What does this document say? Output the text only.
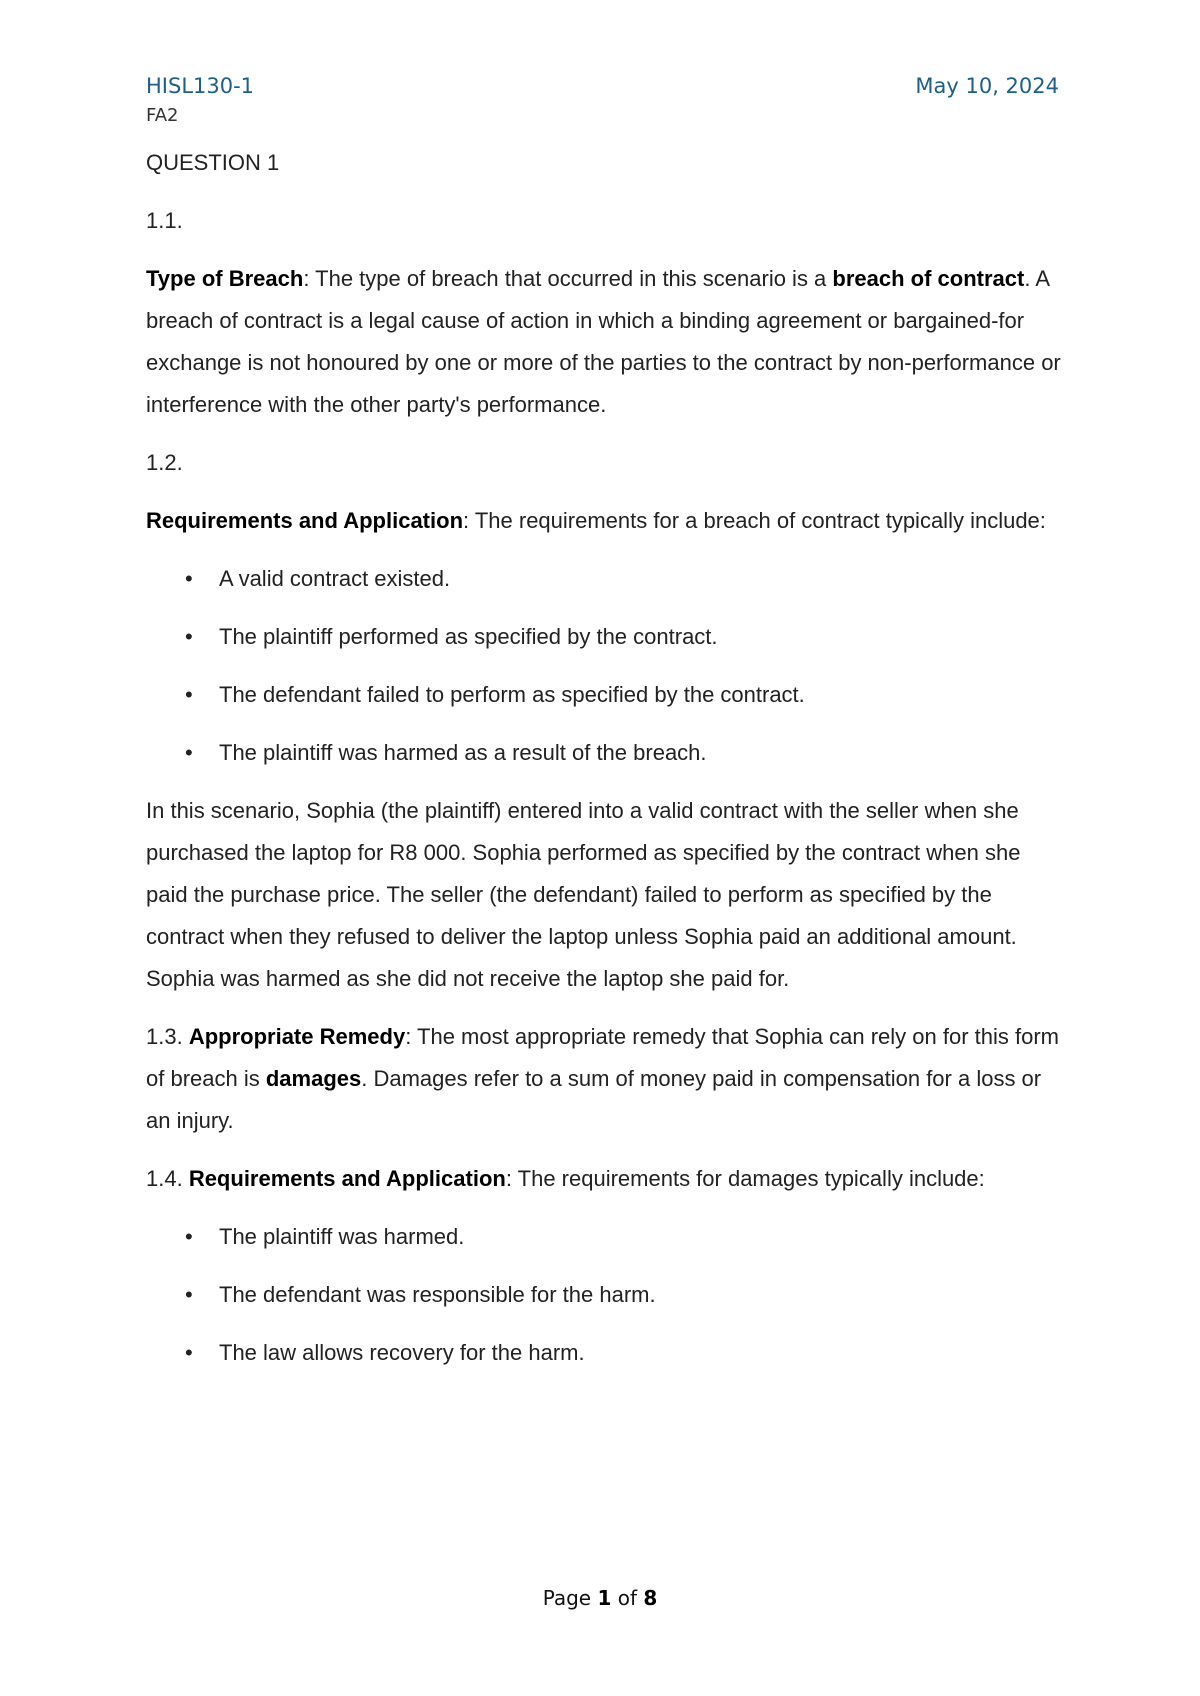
HISL130-1	May 10, 2024
FA2

QUESTION 1

1.1.

Type of Breach: The type of breach that occurred in this scenario is a breach of contract. A breach of contract is a legal cause of action in which a binding agreement or bargained-for exchange is not honoured by one or more of the parties to the contract by non-performance or interference with the other party's performance.

1.2.

Requirements and Application: The requirements for a breach of contract typically include:

• A valid contract existed.
• The plaintiff performed as specified by the contract.
• The defendant failed to perform as specified by the contract.
• The plaintiff was harmed as a result of the breach.

In this scenario, Sophia (the plaintiff) entered into a valid contract with the seller when she purchased the laptop for R8 000. Sophia performed as specified by the contract when she paid the purchase price. The seller (the defendant) failed to perform as specified by the contract when they refused to deliver the laptop unless Sophia paid an additional amount. Sophia was harmed as she did not receive the laptop she paid for.

1.3. Appropriate Remedy: The most appropriate remedy that Sophia can rely on for this form of breach is damages. Damages refer to a sum of money paid in compensation for a loss or an injury.

1.4. Requirements and Application: The requirements for damages typically include:

• The plaintiff was harmed.
• The defendant was responsible for the harm.
• The law allows recovery for the harm.
Page 1 of 8
